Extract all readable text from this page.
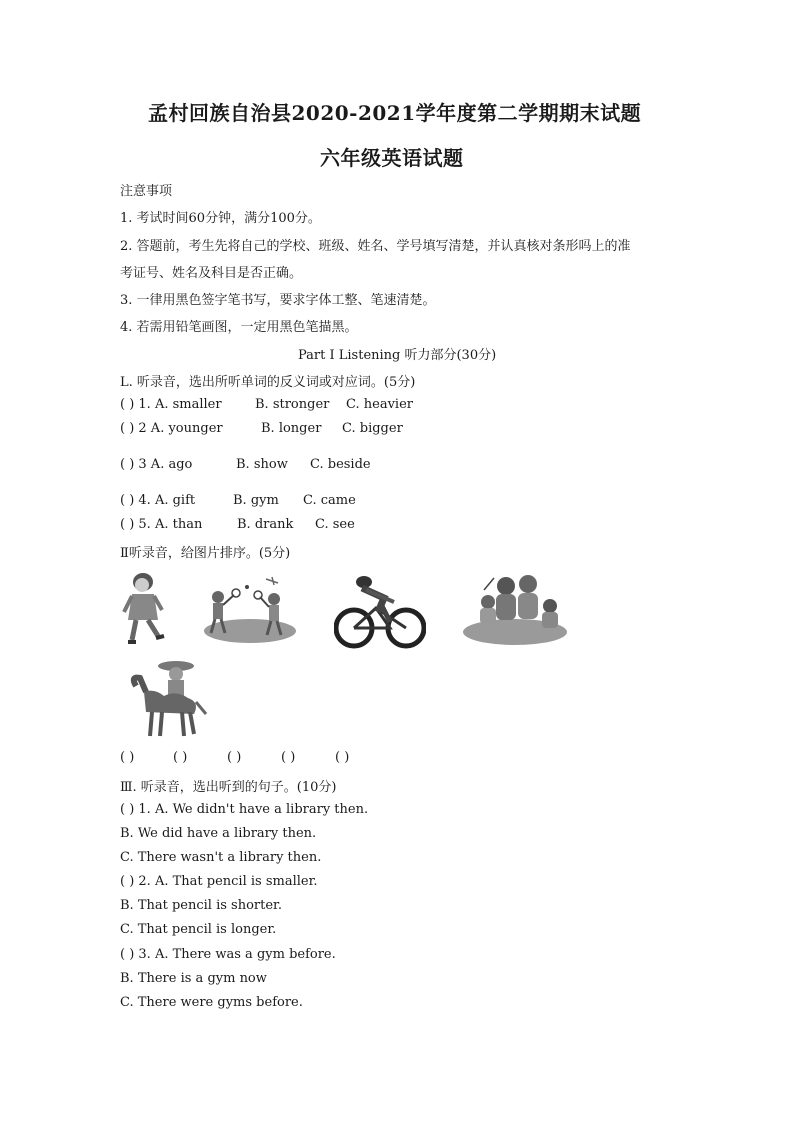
孟村回族自治县2020-2021学年度第二学期期末试题
六年级英语试题
注意事项
1. 考试时间60分钟，满分100分。
2. 答题前，考生先将自己的学校、班级、姓名、学号填写清楚，并认真核对条形吗上的准
考证号、姓名及科目是否正确。
3. 一律用黑色签字笔书写，要求字体工整、笔速清楚。
4. 若需用铅笔画图，一定用黑色笔描黑。
Part Ⅰ Listening 听力部分(30分)
L. 听录音，选出所听单词的反义词或对应词。(5分)
( ) 1. A. smaller	B. stronger C. heavier
( ) 2 A. younger	B. longer C. bigger
( ) 3 A. ago	B. show C. beside
( ) 4. A. gift	B. gym C. came
( ) 5. A. than	B. drank C. see
Ⅱ听录音，给图片排序。(5分)
( )	( )	( )	( )	( )
Ⅲ. 听录音，选出听到的句子。(10分)
( ) 1. A. We didn't have a library then.
B. We did have a library then.
C. There wasn't a library then.
( ) 2. A. That pencil is smaller.
B. That pencil is shorter.
C. That pencil is longer.
( ) 3. A. There was a gym before.
B. There is a gym now
C. There were gyms before.
